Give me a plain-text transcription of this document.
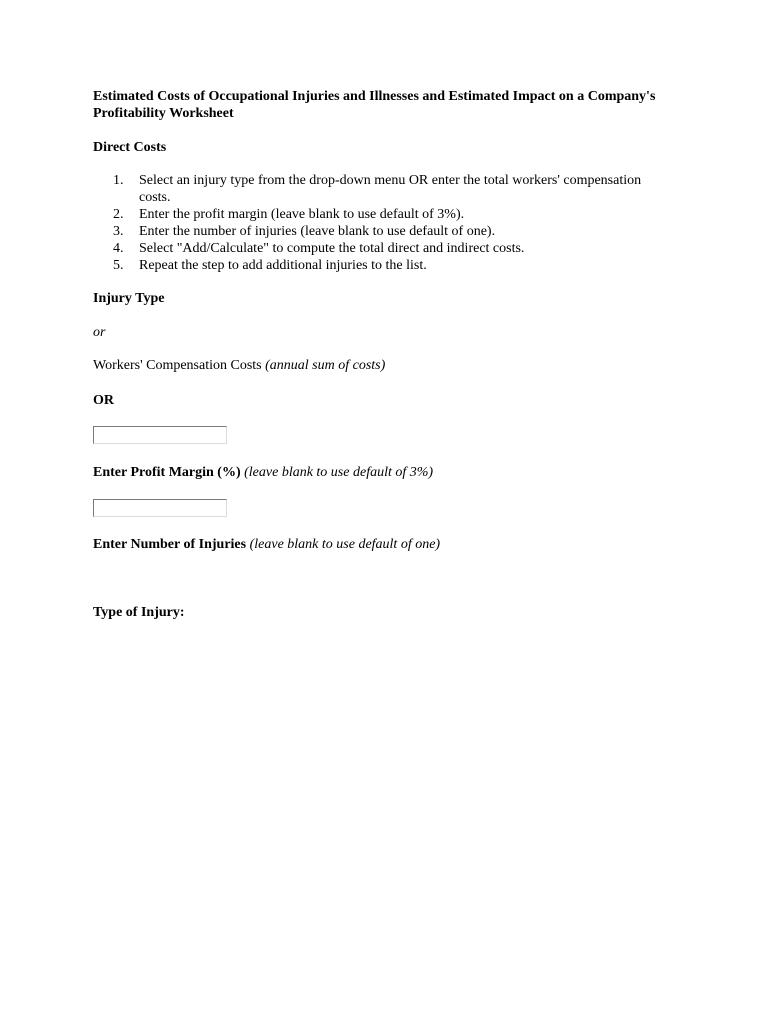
Estimated Costs of Occupational Injuries and Illnesses and Estimated Impact on a Company's Profitability Worksheet
Direct Costs
1. Select an injury type from the drop-down menu OR enter the total workers' compensation costs.
2. Enter the profit margin (leave blank to use default of 3%).
3. Enter the number of injuries (leave blank to use default of one).
4. Select "Add/Calculate" to compute the total direct and indirect costs.
5. Repeat the step to add additional injuries to the list.
Injury Type
or
Workers' Compensation Costs (annual sum of costs)
OR
Enter Profit Margin (%) (leave blank to use default of 3%)
Enter Number of Injuries (leave blank to use default of one)
Type of Injury:
